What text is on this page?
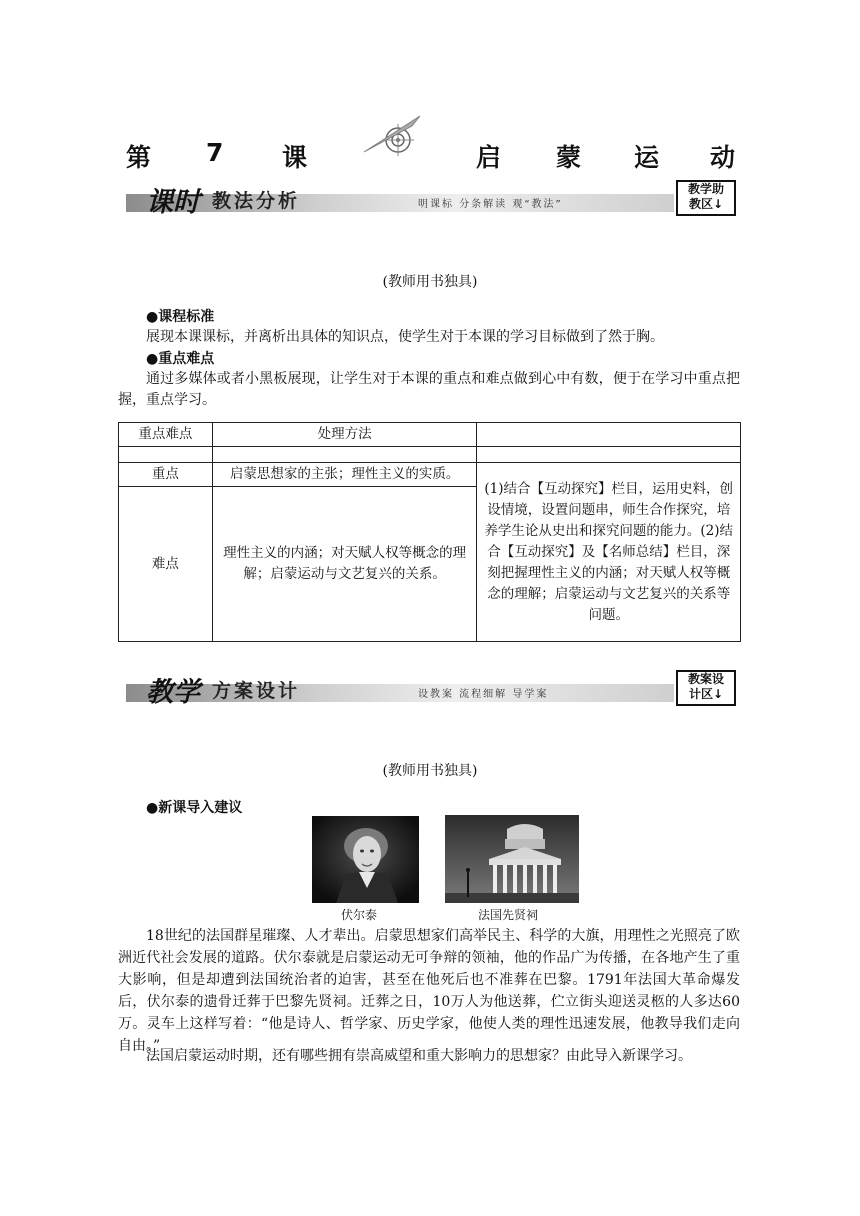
第 7 课	启 蒙 运 动
课时 教法分析	明课标 分条解读 观“教法”
教学助
教区↓
(教师用书独具)
●课程标准
展现本课课标，并离析出具体的知识点，使学生对于本课的学习目标做到了然于胸。
●重点难点
通过多媒体或者小黑板展现，让学生对于本课的重点和难点做到心中有数，便于在学习中重点把握，重点学习。
重点难点	处理方法	

重点	启蒙思想家的主张；理性主义的实质。	(1)结合【互动探究】栏目，运用史料，创设情境，设置问题串，师生合作探究，培养学生论从史出和探究问题的能力。(2)结合【互动探究】及【名师总结】栏目，深刻把握理性主义的内涵；对天赋人权等概念的理解；启蒙运动与文艺复兴的关系等问题。
难点	理性主义的内涵；对天赋人权等概念的理解；启蒙运动与文艺复兴的关系。	
教学 方案设计	设教案 流程细解 导学案
教案设
计区↓
(教师用书独具)
●新课导入建议
伏尔泰	法国先贤祠
18世纪的法国群星璀璨、人才辈出。启蒙思想家们高举民主、科学的大旗，用理性之光照亮了欧洲近代社会发展的道路。伏尔泰就是启蒙运动无可争辩的领袖，他的作品广为传播，在各地产生了重大影响，但是却遭到法国统治者的迫害，甚至在他死后也不准葬在巴黎。1791年法国大革命爆发后，伏尔泰的遗骨迁葬于巴黎先贤祠。迁葬之日，10万人为他送葬，伫立街头迎送灵柩的人多达60万。灵车上这样写着：“他是诗人、哲学家、历史学家，他使人类的理性迅速发展，他教导我们走向自由。”
法国启蒙运动时期，还有哪些拥有崇高威望和重大影响力的思想家？由此导入新课学习。
